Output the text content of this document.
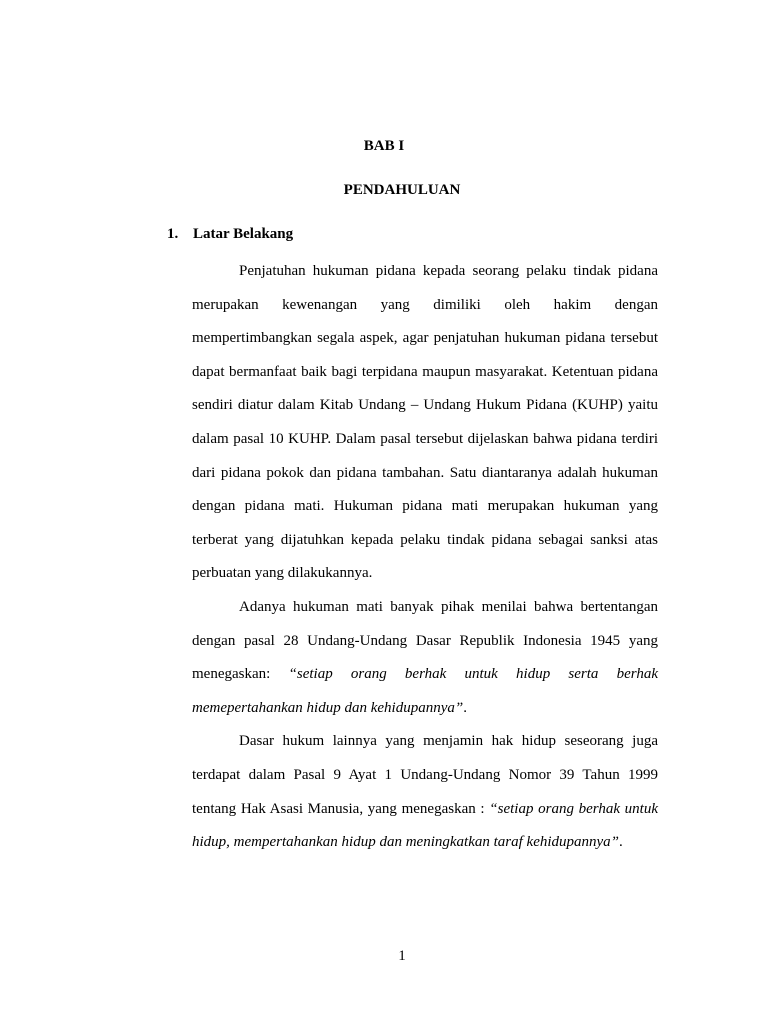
BAB I
PENDAHULUAN
1. Latar Belakang

Penjatuhan hukuman pidana kepada seorang pelaku tindak pidana merupakan kewenangan yang dimiliki oleh hakim dengan mempertimbangkan segala aspek, agar penjatuhan hukuman pidana tersebut dapat bermanfaat baik bagi terpidana maupun masyarakat. Ketentuan pidana sendiri diatur dalam Kitab Undang – Undang Hukum Pidana (KUHP) yaitu dalam pasal 10 KUHP. Dalam pasal tersebut dijelaskan bahwa pidana terdiri dari pidana pokok dan pidana tambahan. Satu diantaranya adalah hukuman dengan pidana mati. Hukuman pidana mati merupakan hukuman yang terberat yang dijatuhkan kepada pelaku tindak pidana sebagai sanksi atas perbuatan yang dilakukannya.

Adanya hukuman mati banyak pihak menilai bahwa bertentangan dengan pasal 28 Undang-Undang Dasar Republik Indonesia 1945 yang menegaskan: “setiap orang berhak untuk hidup serta berhak memepertahankan hidup dan kehidupannya”.

Dasar hukum lainnya yang menjamin hak hidup seseorang juga terdapat dalam Pasal 9 Ayat 1 Undang-Undang Nomor 39 Tahun 1999 tentang Hak Asasi Manusia, yang menegaskan : “setiap orang berhak untuk hidup, mempertahankan hidup dan meningkatkan taraf kehidupannya”.

1
